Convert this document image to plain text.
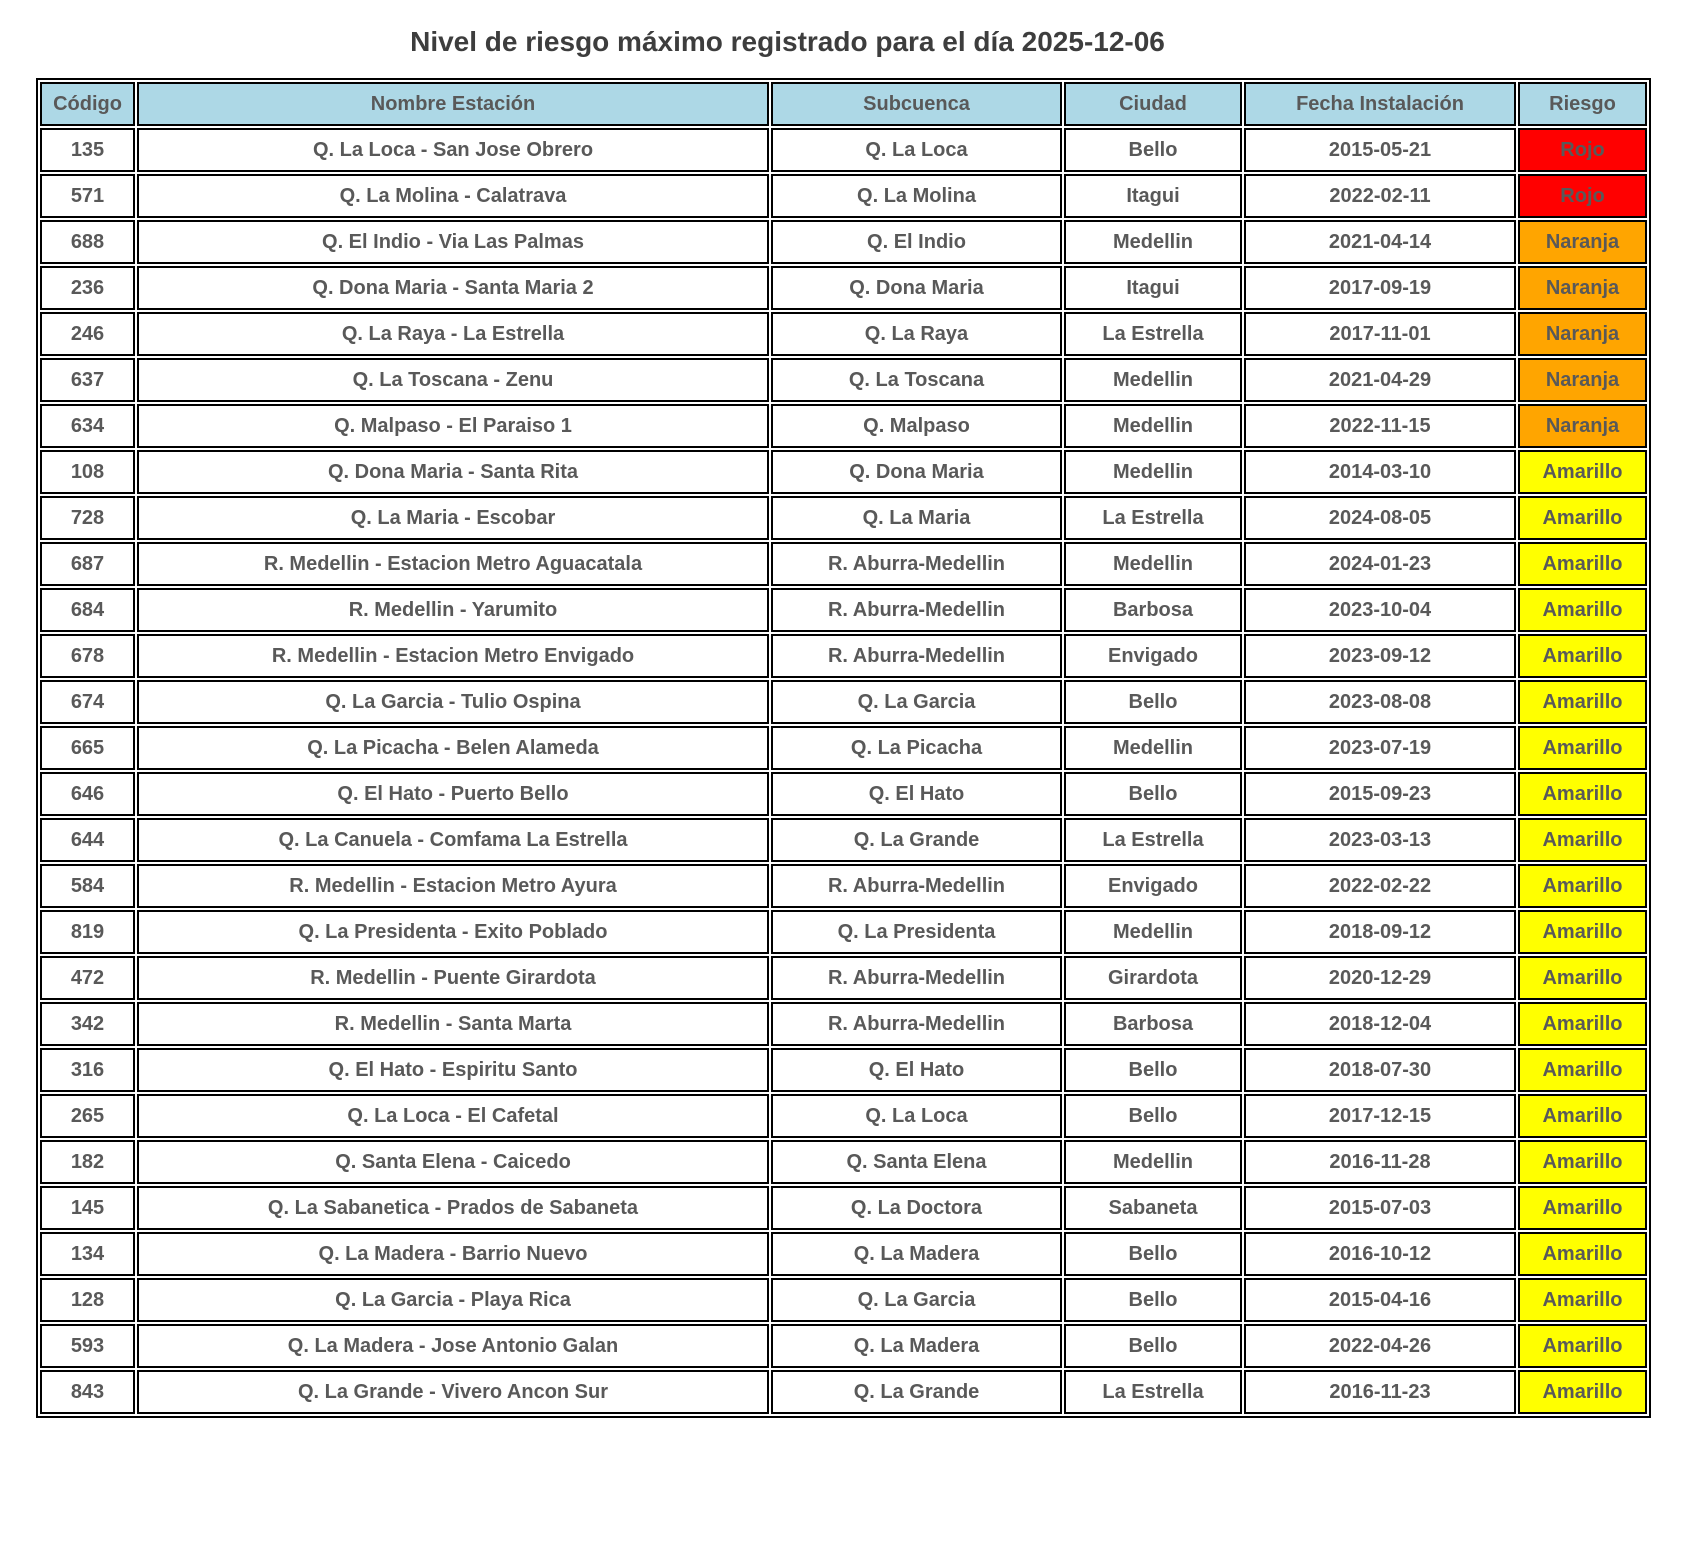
Nivel de riesgo máximo registrado para el día 2025-12-06
Código	Nombre Estación	Subcuenca	Ciudad	Fecha Instalación	Riesgo
135	Q. La Loca - San Jose Obrero	Q. La Loca	Bello	2015-05-21	Rojo
571	Q. La Molina - Calatrava	Q. La Molina	Itagui	2022-02-11	Rojo
688	Q. El Indio - Via Las Palmas	Q. El Indio	Medellin	2021-04-14	Naranja
236	Q. Dona Maria - Santa Maria 2	Q. Dona Maria	Itagui	2017-09-19	Naranja
246	Q. La Raya - La Estrella	Q. La Raya	La Estrella	2017-11-01	Naranja
637	Q. La Toscana - Zenu	Q. La Toscana	Medellin	2021-04-29	Naranja
634	Q. Malpaso - El Paraiso 1	Q. Malpaso	Medellin	2022-11-15	Naranja
108	Q. Dona Maria - Santa Rita	Q. Dona Maria	Medellin	2014-03-10	Amarillo
728	Q. La Maria - Escobar	Q. La Maria	La Estrella	2024-08-05	Amarillo
687	R. Medellin - Estacion Metro Aguacatala	R. Aburra-Medellin	Medellin	2024-01-23	Amarillo
684	R. Medellin - Yarumito	R. Aburra-Medellin	Barbosa	2023-10-04	Amarillo
678	R. Medellin - Estacion Metro Envigado	R. Aburra-Medellin	Envigado	2023-09-12	Amarillo
674	Q. La Garcia - Tulio Ospina	Q. La Garcia	Bello	2023-08-08	Amarillo
665	Q. La Picacha - Belen Alameda	Q. La Picacha	Medellin	2023-07-19	Amarillo
646	Q. El Hato - Puerto Bello	Q. El Hato	Bello	2015-09-23	Amarillo
644	Q. La Canuela - Comfama La Estrella	Q. La Grande	La Estrella	2023-03-13	Amarillo
584	R. Medellin - Estacion Metro Ayura	R. Aburra-Medellin	Envigado	2022-02-22	Amarillo
819	Q. La Presidenta - Exito Poblado	Q. La Presidenta	Medellin	2018-09-12	Amarillo
472	R. Medellin - Puente Girardota	R. Aburra-Medellin	Girardota	2020-12-29	Amarillo
342	R. Medellin - Santa Marta	R. Aburra-Medellin	Barbosa	2018-12-04	Amarillo
316	Q. El Hato - Espiritu Santo	Q. El Hato	Bello	2018-07-30	Amarillo
265	Q. La Loca - El Cafetal	Q. La Loca	Bello	2017-12-15	Amarillo
182	Q. Santa Elena - Caicedo	Q. Santa Elena	Medellin	2016-11-28	Amarillo
145	Q. La Sabanetica - Prados de Sabaneta	Q. La Doctora	Sabaneta	2015-07-03	Amarillo
134	Q. La Madera - Barrio Nuevo	Q. La Madera	Bello	2016-10-12	Amarillo
128	Q. La Garcia - Playa Rica	Q. La Garcia	Bello	2015-04-16	Amarillo
593	Q. La Madera - Jose Antonio Galan	Q. La Madera	Bello	2022-04-26	Amarillo
843	Q. La Grande - Vivero Ancon Sur	Q. La Grande	La Estrella	2016-11-23	Amarillo
